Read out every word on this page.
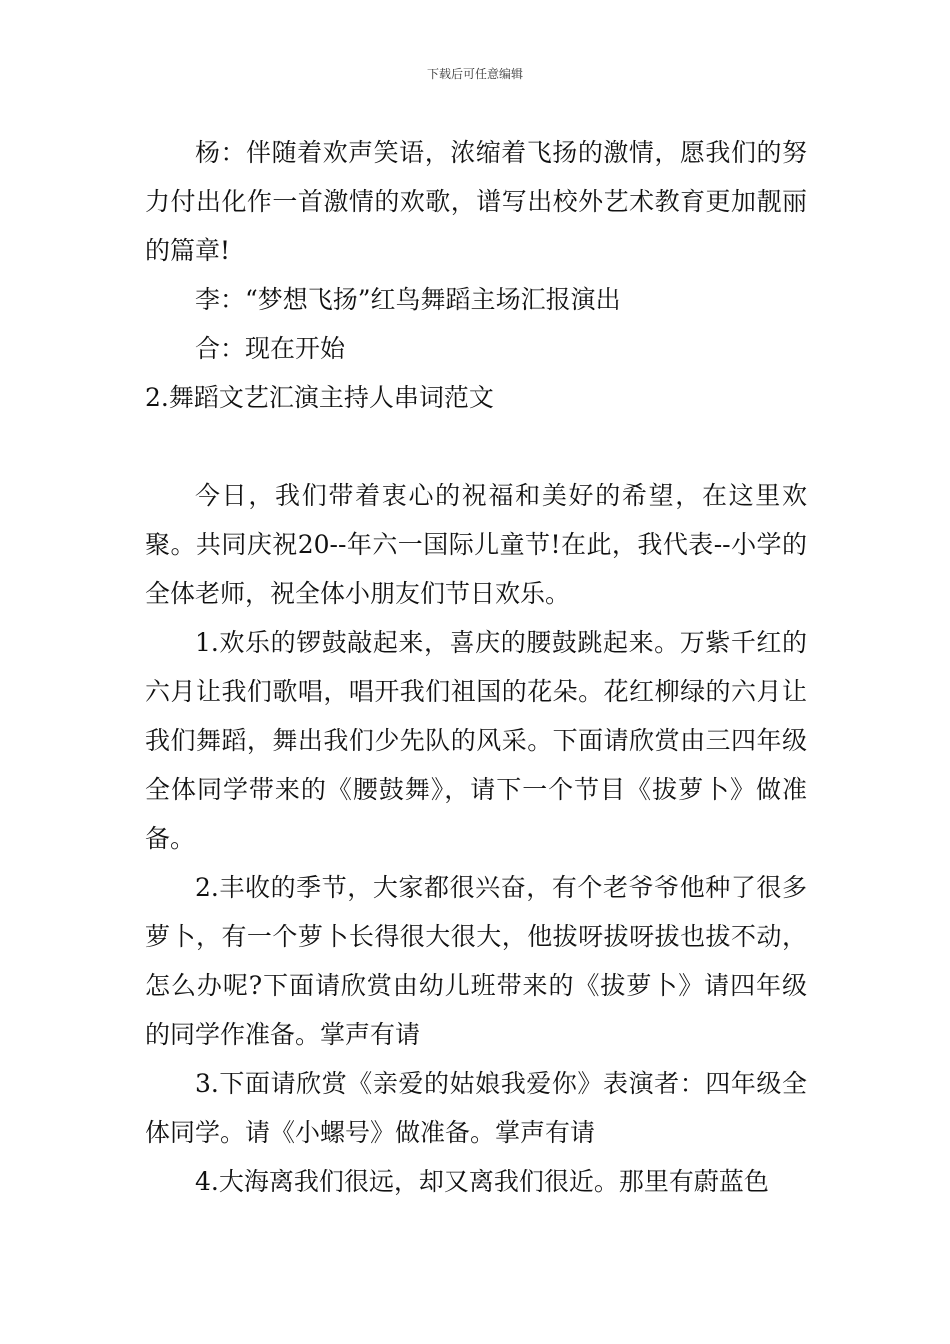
下载后可任意编辑

杨：伴随着欢声笑语，浓缩着飞扬的激情，愿我们的努力付出化作一首激情的欢歌，谱写出校外艺术教育更加靓丽的篇章!

李：“梦想飞扬”红鸟舞蹈主场汇报演出

合：现在开始

2.舞蹈文艺汇演主持人串词范文

今日，我们带着衷心的祝福和美好的希望，在这里欢聚。共同庆祝20--年六一国际儿童节!在此，我代表--小学的全体老师，祝全体小朋友们节日欢乐。

1.欢乐的锣鼓敲起来，喜庆的腰鼓跳起来。万紫千红的六月让我们歌唱，唱开我们祖国的花朵。花红柳绿的六月让我们舞蹈，舞出我们少先队的风采。下面请欣赏由三四年级全体同学带来的《腰鼓舞》，请下一个节目《拔萝卜》做准备。

2.丰收的季节，大家都很兴奋，有个老爷爷他种了很多萝卜，有一个萝卜长得很大很大，他拔呀拔呀拔也拔不动，怎么办呢?下面请欣赏由幼儿班带来的《拔萝卜》请四年级的同学作准备。掌声有请

3.下面请欣赏《亲爱的姑娘我爱你》表演者：四年级全体同学。请《小螺号》做准备。掌声有请

4.大海离我们很远，却又离我们很近。那里有蔚蓝色
